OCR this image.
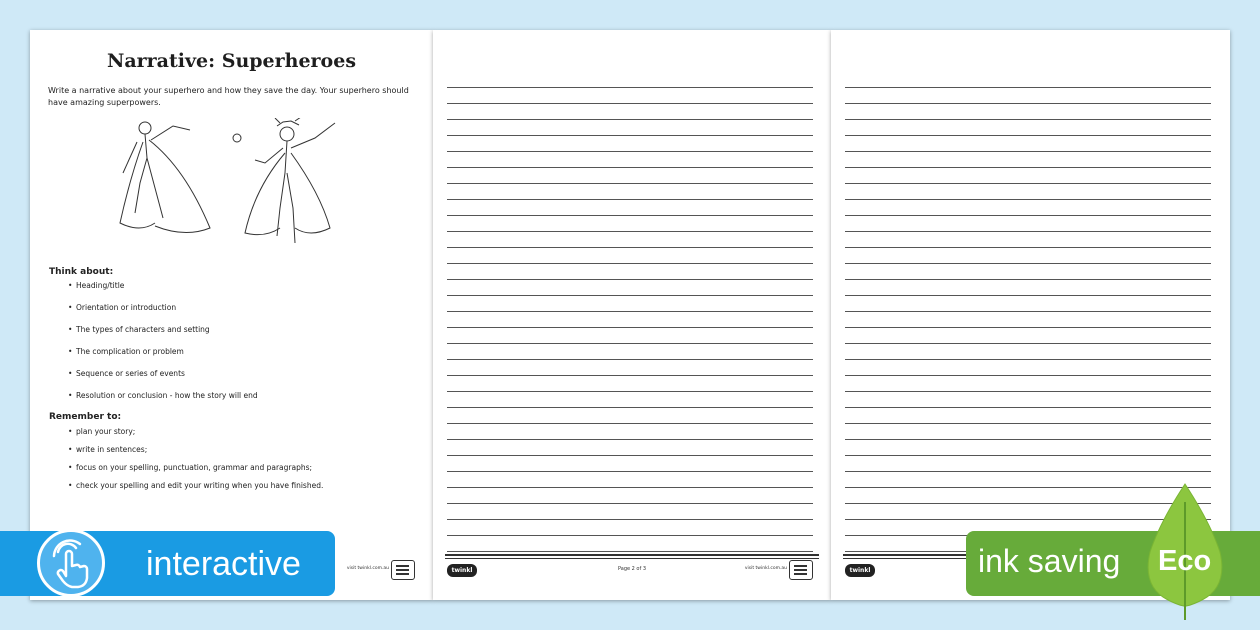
Narrative: Superheroes
Write a narrative about your superhero and how they save the day. Your superhero should have amazing superpowers.
Think about:
• Heading/title
• Orientation or introduction
• The types of characters and setting
• The complication or problem
• Sequence or series of events
• Resolution or conclusion - how the story will end
Remember to:
• plan your story;
• write in sentences;
• focus on your spelling, punctuation, grammar and paragraphs;
• check your spelling and edit your writing when you have finished.
visit twinkl.com.au	twinkl	Page 2 of 3	visit twinkl.com.au	twinkl
interactive	ink saving Eco
